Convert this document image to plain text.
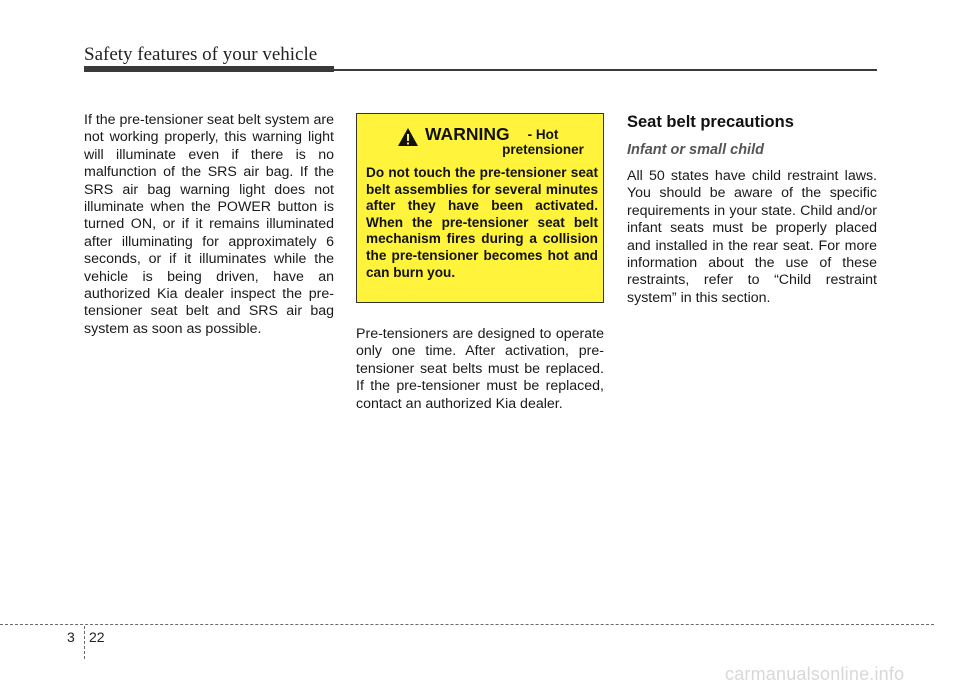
Safety features of your vehicle

If the pre-tensioner seat belt system are not working properly, this warning light will illuminate even if there is no malfunction of the SRS air bag. If the SRS air bag warning light does not illuminate when the POWER button is turned ON, or if it remains illuminated after illuminating for approximately 6 seconds, or if it illuminates while the vehicle is being driven, have an authorized Kia dealer inspect the pre-tensioner seat belt and SRS air bag system as soon as possible.

WARNING	- Hot pretensioner

Do not touch the pre-tensioner seat belt assemblies for several minutes after they have been activated. When the pre-tensioner seat belt mechanism fires during a collision the pre-tensioner becomes hot and can burn you.

Pre-tensioners are designed to operate only one time. After activation, pre-tensioner seat belts must be replaced. If the pre-tensioner must be replaced, contact an authorized Kia dealer.

Seat belt precautions
Infant or small child

All 50 states have child restraint laws. You should be aware of the specific requirements in your state. Child and/or infant seats must be properly placed and installed in the rear seat. For more information about the use of these restraints, refer to “Child restraint system” in this section.

3 22
carmanualsonline.info
